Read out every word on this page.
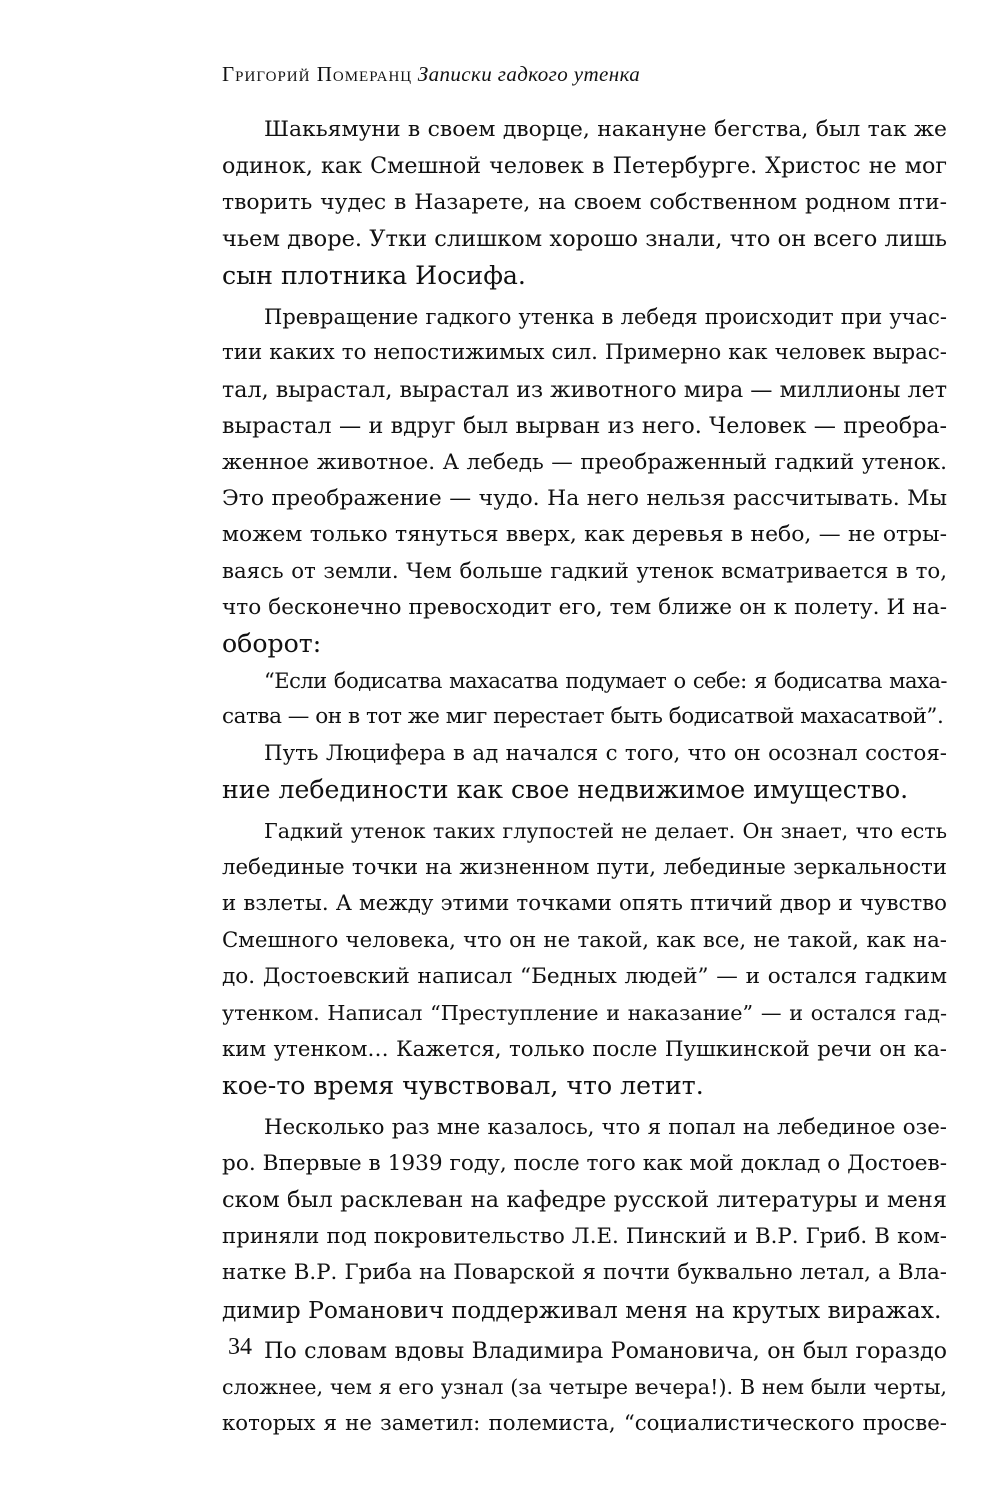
Григорий Померанц Записки гадкого утенка
Шакьямуни в своем дворце, накануне бегства, был так же
одинок, как Смешной человек в Петербурге. Христос не мог
творить чудес в Назарете, на своем собственном родном пти-
чьем дворе. Утки слишком хорошо знали, что он всего лишь
сын плотника Иосифа.
Превращение гадкого утенка в лебедя происходит при учас-
тии каких то непостижимых сил. Примерно как человек выраc-
тал, вырастал, вырастал из животного мира — миллионы лет
вырастал — и вдруг был вырван из него. Человек — преобра-
женное животное. А лебедь — преображенный гадкий утенок.
Это преображение — чудо. На него нельзя рассчитывать. Мы
можем только тянуться вверх, как деревья в небо, — не отры-
ваясь от земли. Чем больше гадкий утенок всматривается в то,
что бесконечно превосходит его, тем ближе он к полету. И на-
оборот:
“Если бодисатва махасатва подумает о себе: я бодисатва маха-
сатва — он в тот же миг перестает быть бодисатвой махасатвой”.
Путь Люцифера в ад начался с того, что он осознал состоя-
ние лебединости как свое недвижимое имущество.
Гадкий утенок таких глупостей не делает. Он знает, что есть
лебединые точки на жизненном пути, лебединые зеркальности
и взлеты. А между этими точками опять птичий двор и чувство
Смешного человека, что он не такой, как все, не такой, как на-
до. Достоевский написал “Бедных людей” — и остался гадким
утенком. Написал “Преступление и наказание” — и остался гад-
ким утенком… Кажется, только после Пушкинской речи он ка-
кое-то время чувствовал, что летит.
Несколько раз мне казалось, что я попал на лебединое озе-
ро. Впервые в 1939 году, после того как мой доклад о Достоев-
ском был расклеван на кафедре русской литературы и меня
приняли под покровительство Л.Е. Пинский и В.Р. Гриб. В ком-
натке В.Р. Гриба на Поварской я почти буквально летал, а Вла-
димир Романович поддерживал меня на крутых виражах.
По словам вдовы Владимира Романовича, он был гораздо
сложнее, чем я его узнал (за четыре вечера!). В нем были черты,
которых я не заметил: полемиста, “социалистического просве-
34
